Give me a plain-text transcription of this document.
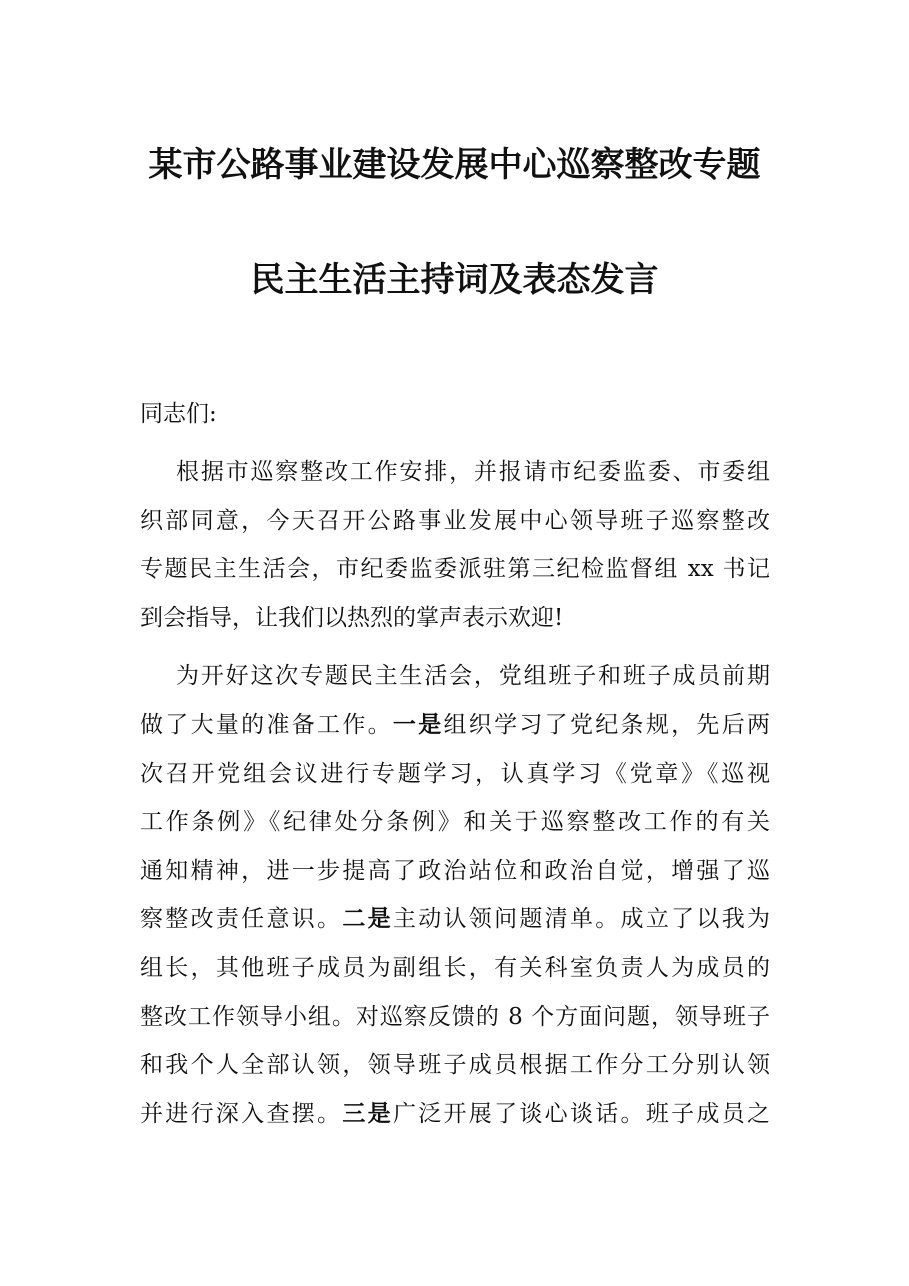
某市公路事业建设发展中心巡察整改专题
民主生活主持词及表态发言

同志们:

根据市巡察整改工作安排，并报请市纪委监委、市委组
织部同意，今天召开公路事业发展中心领导班子巡察整改
专题民主生活会，市纪委监委派驻第三纪检监督组 xx 书记
到会指导，让我们以热烈的掌声表示欢迎!

为开好这次专题民主生活会，党组班子和班子成员前期
做了大量的准备工作。一是组织学习了党纪条规，先后两
次召开党组会议进行专题学习，认真学习《党章》《巡视
工作条例》《纪律处分条例》和关于巡察整改工作的有关
通知精神，进一步提高了政治站位和政治自觉，增强了巡
察整改责任意识。二是主动认领问题清单。成立了以我为
组长，其他班子成员为副组长，有关科室负责人为成员的
整改工作领导小组。对巡察反馈的 8 个方面问题，领导班子
和我个人全部认领，领导班子成员根据工作分工分别认领
并进行深入查摆。三是广泛开展了谈心谈话。班子成员之
